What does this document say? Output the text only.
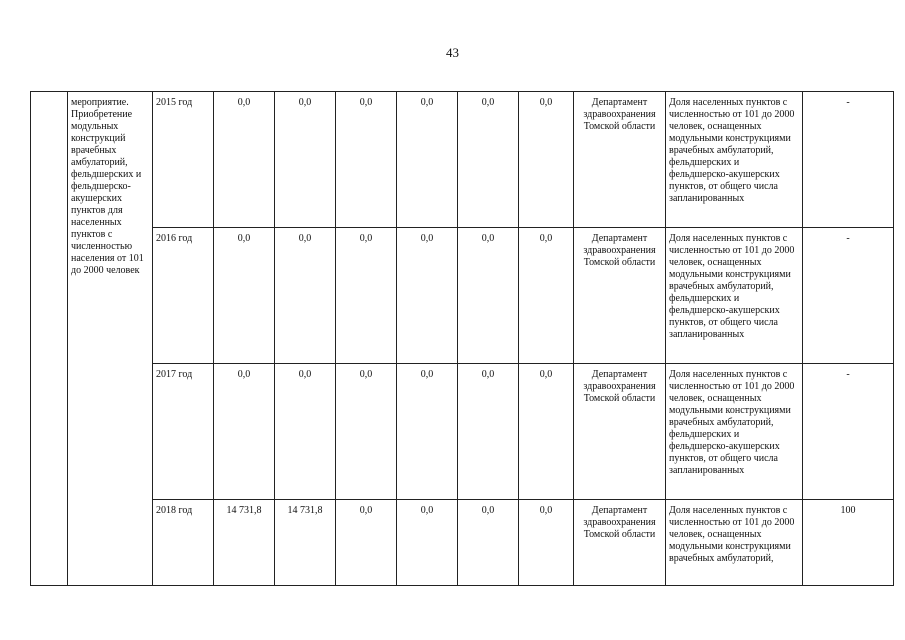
43
	мероприятие. Приобретение модульных конструкций врачебных амбулаторий, фельдшерских и фельдшерско-акушерских пунктов для населенных пунктов с численностью населения от 101 до 2000 человек	2015 год	0,0	0,0	0,0	0,0	0,0	0,0	Департамент здравоохранения Томской области	Доля населенных пунктов с численностью от 101 до 2000 человек, оснащенных модульными конструкциями врачебных амбулаторий, фельдшерских и фельдшерско-акушерских пунктов, от общего числа запланированных	-
		2016 год	0,0	0,0	0,0	0,0	0,0	0,0	Департамент здравоохранения Томской области	Доля населенных пунктов с численностью от 101 до 2000 человек, оснащенных модульными конструкциями врачебных амбулаторий, фельдшерских и фельдшерско-акушерских пунктов, от общего числа запланированных	-
		2017 год	0,0	0,0	0,0	0,0	0,0	0,0	Департамент здравоохранения Томской области	Доля населенных пунктов с численностью от 101 до 2000 человек, оснащенных модульными конструкциями врачебных амбулаторий, фельдшерских и фельдшерско-акушерских пунктов, от общего числа запланированных	-
		2018 год	14 731,8	14 731,8	0,0	0,0	0,0	0,0	Департамент здравоохранения Томской области	Доля населенных пунктов с численностью от 101 до 2000 человек, оснащенных модульными конструкциями врачебных амбулаторий,	100
